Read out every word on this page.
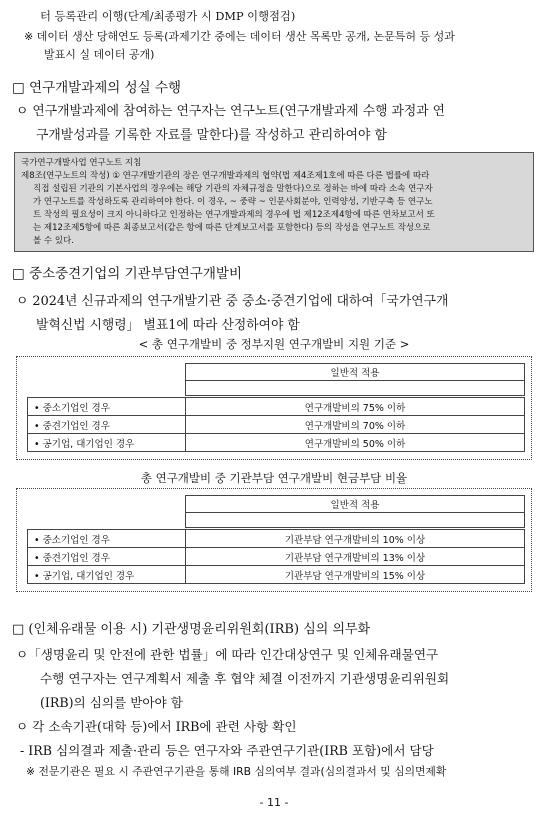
터 등록관리 이행(단계/최종평가 시 DMP 이행점검)
※ 데이터 생산 당해연도 등록(과제기간 중에는 데이터 생산 목록만 공개, 논문특허 등 성과
발표시 실 데이터 공개)
□ 연구개발과제의 성실 수행
ㅇ 연구개발과제에 참여하는 연구자는 연구노트(연구개발과제 수행 과정과 연
구개발성과를 기록한 자료를 말한다)를 작성하고 관리하여야 함
국가연구개발사업 연구노트 지침
제8조(연구노트의 작성) ① 연구개발기관의 장은 연구개발과제의 협약(법 제4조제1호에 따른 다른 법률에 따라
직접 설립된 기관의 기본사업의 경우에는 해당 기관의 자체규정을 말한다)으로 정하는 바에 따라 소속 연구자
가 연구노트를 작성하도록 관리하여야 한다. 이 경우, ~ 중략 ~ 인문사회분야, 인력양성, 기반구축 등 연구노
트 작성의 필요성이 크지 아니하다고 인정하는 연구개발과제의 경우에 법 제12조제4항에 따른 연차보고서 또
는 제12조제5항에 따른 최종보고서(같은 항에 따른 단계보고서를 포함한다) 등의 작성을 연구노트 작성으로
볼 수 있다.
□ 중소중견기업의 기관부담연구개발비
ㅇ 2024년 신규과제의 연구개발기관 중 중소·중견기업에 대하여「국가연구개
발혁신법 시행령」 별표1에 따라 산정하여야 함
< 총 연구개발비 중 정부지원 연구개발비 지원 기준 >
일반적 적용
• 중소기업인 경우	연구개발비의 75% 이하
• 중견기업인 경우	연구개발비의 70% 이하
• 공기업, 대기업인 경우	연구개발비의 50% 이하
총 연구개발비 중 기관부담 연구개발비 현금부담 비율
일반적 적용
• 중소기업인 경우	기관부담 연구개발비의 10% 이상
• 중견기업인 경우	기관부담 연구개발비의 13% 이상
• 공기업, 대기업인 경우	기관부담 연구개발비의 15% 이상
□ (인체유래물 이용 시) 기관생명윤리위원회(IRB) 심의 의무화
ㅇ「생명윤리 및 안전에 관한 법률」에 따라 인간대상연구 및 인체유래물연구
수행 연구자는 연구계획서 제출 후 협약 체결 이전까지 기관생명윤리위원회
(IRB)의 심의를 받아야 함
ㅇ 각 소속기관(대학 등)에서 IRB에 관련 사항 확인
- IRB 심의결과 제출·관리 등은 연구자와 주관연구기관(IRB 포함)에서 담당
※ 전문기관은 필요 시 주관연구기관을 통해 IRB 심의여부 결과(심의결과서 및 심의면제확
- 11 -
